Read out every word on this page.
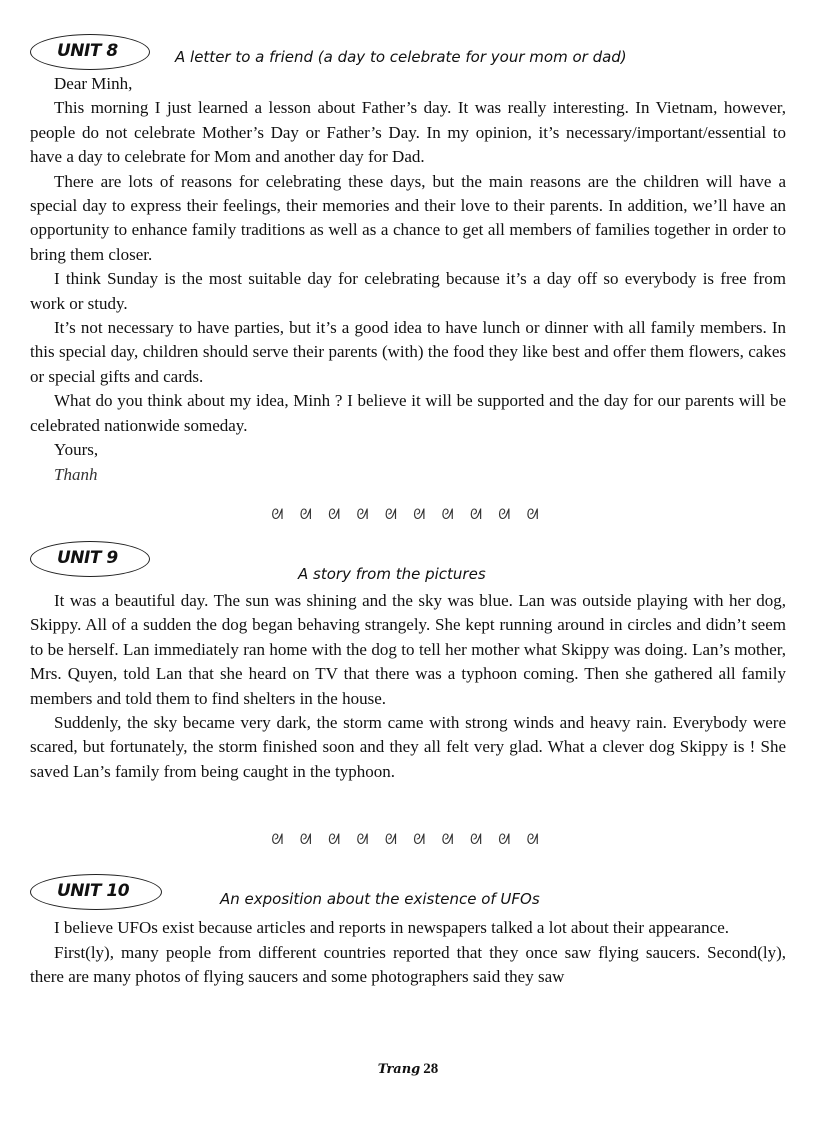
UNIT 8	A letter to a friend (a day to celebrate for your mom or dad)
Dear Minh,

This morning I just learned a lesson about Father’s day. It was really interesting. In Vietnam, however, people do not celebrate Mother’s Day or Father’s Day. In my opinion, it’s necessary/important/essential to have a day to celebrate for Mom and another day for Dad.

There are lots of reasons for celebrating these days, but the main reasons are the children will have a special day to express their feelings, their memories and their love to their parents. In addition, we’ll have an opportunity to enhance family traditions as well as a chance to get all members of families together in order to bring them closer.

I think Sunday is the most suitable day for celebrating because it’s a day off so everybody is free from work or study.

It’s not necessary to have parties, but it’s a good idea to have lunch or dinner with all family members. In this special day, children should serve their parents (with) the food they like best and offer them flowers, cakes or special gifts and cards.

What do you think about my idea, Minh ? I believe it will be supported and the day for our parents will be celebrated nationwide someday.

Yours,
Thanh
ᘛ ᘛ ᘛ ᘛ ᘛ ᘛ ᘛ ᘛ ᘛ ᘛ
UNIT 9
A story from the pictures

It was a beautiful day. The sun was shining and the sky was blue. Lan was outside playing with her dog, Skippy. All of a sudden the dog began behaving strangely. She kept running around in circles and didn’t seem to be herself. Lan immediately ran home with the dog to tell her mother what Skippy was doing. Lan’s mother, Mrs. Quyen, told Lan that she heard on TV that there was a typhoon coming. Then she gathered all family members and told them to find shelters in the house.

Suddenly, the sky became very dark, the storm came with strong winds and heavy rain. Everybody were scared, but fortunately, the storm finished soon and they all felt very glad. What a clever dog Skippy is ! She saved Lan’s family from being caught in the typhoon.

ᘛ ᘛ ᘛ ᘛ ᘛ ᘛ ᘛ ᘛ ᘛ ᘛ
UNIT 10	An exposition about the existence of UFOs

I believe UFOs exist because articles and reports in newspapers talked a lot about their appearance.

First(ly), many people from different countries reported that they once saw flying saucers. Second(ly), there are many photos of flying saucers and some photographers said they saw

Trang 28
